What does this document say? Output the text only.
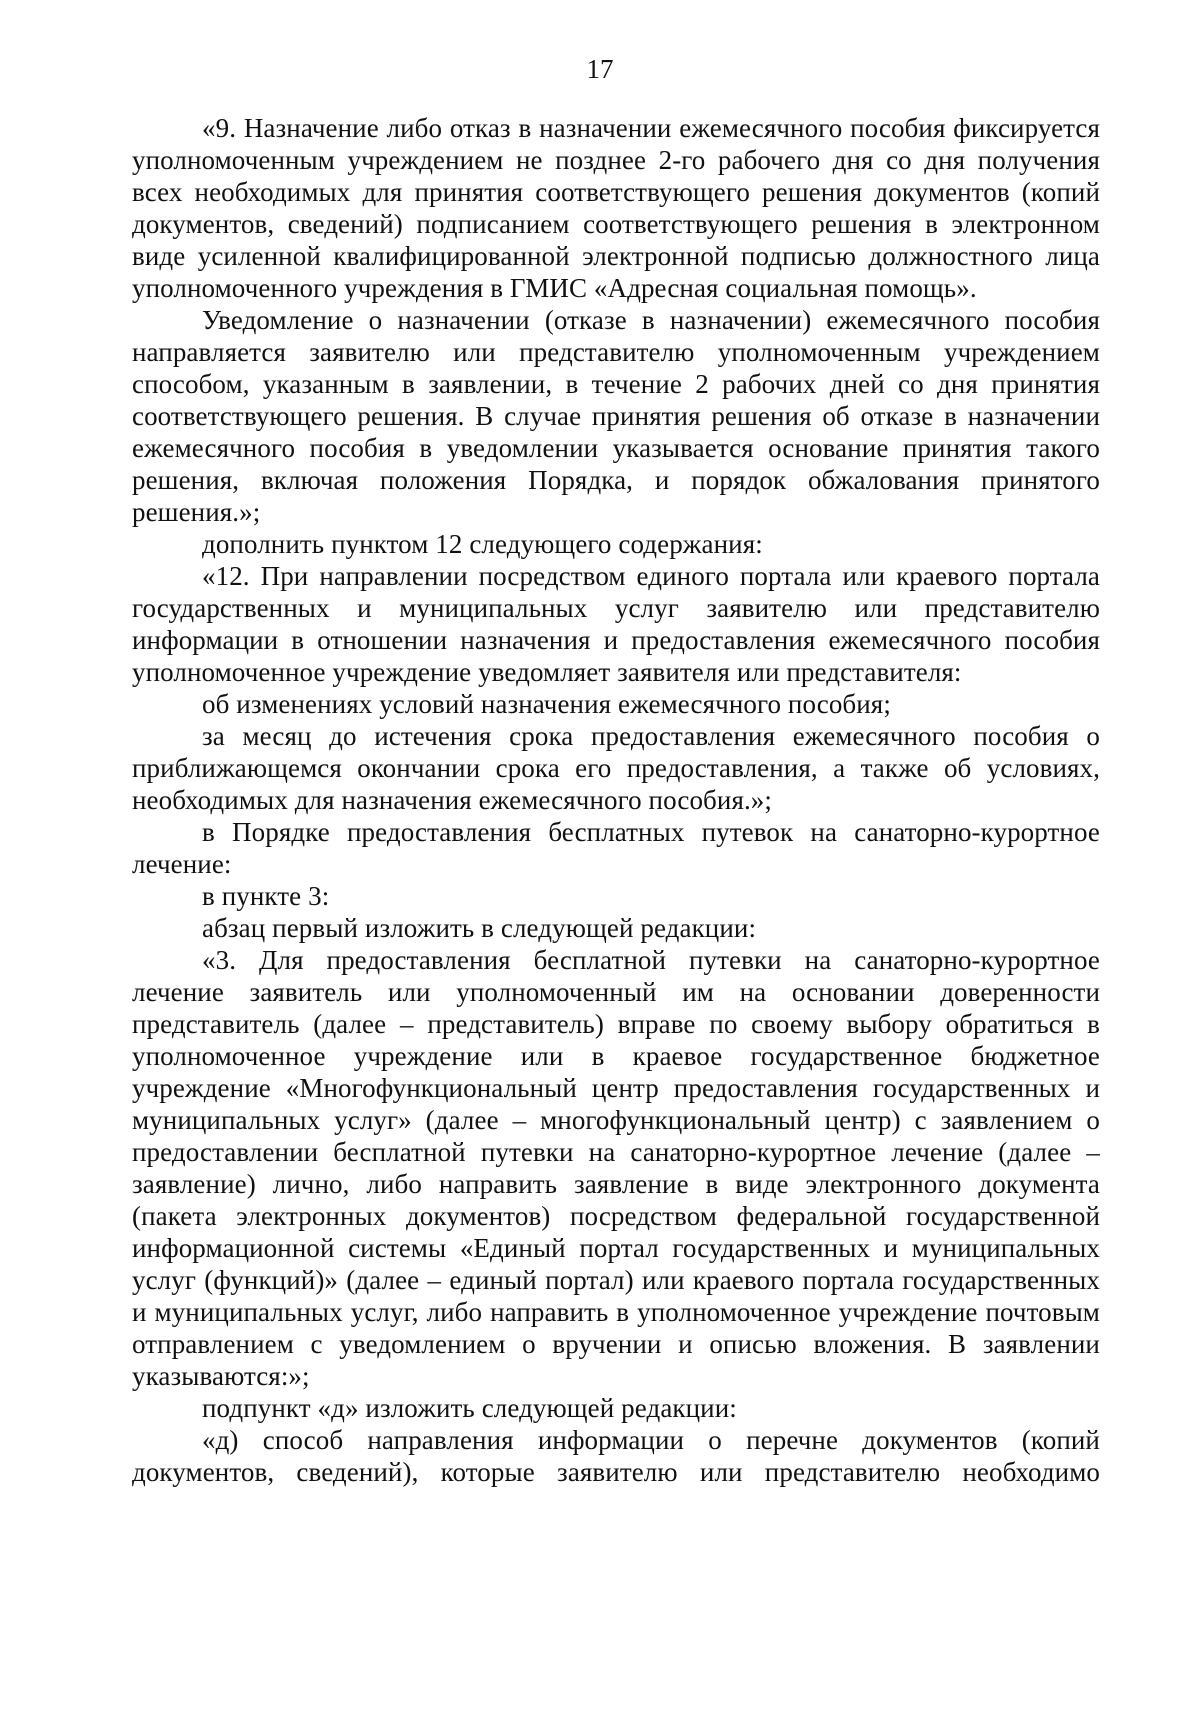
17

«9. Назначение либо отказ в назначении ежемесячного пособия фиксируется уполномоченным учреждением не позднее 2-го рабочего дня со дня получения всех необходимых для принятия соответствующего решения документов (копий документов, сведений) подписанием соответствующего решения в электронном виде усиленной квалифицированной электронной подписью должностного лица уполномоченного учреждения в ГМИС «Адресная социальная помощь».

Уведомление о назначении (отказе в назначении) ежемесячного пособия направляется заявителю или представителю уполномоченным учреждением способом, указанным в заявлении, в течение 2 рабочих дней со дня принятия соответствующего решения. В случае принятия решения об отказе в назначении ежемесячного пособия в уведомлении указывается основание принятия такого решения, включая положения Порядка, и порядок обжалования принятого решения.»;

дополнить пунктом 12 следующего содержания:

«12. При направлении посредством единого портала или краевого портала государственных и муниципальных услуг заявителю или представителю информации в отношении назначения и предоставления ежемесячного пособия уполномоченное учреждение уведомляет заявителя или представителя:

об изменениях условий назначения ежемесячного пособия;

за месяц до истечения срока предоставления ежемесячного пособия о приближающемся окончании срока его предоставления, а также об условиях, необходимых для назначения ежемесячного пособия.»;

в Порядке предоставления бесплатных путевок на санаторно-курортное лечение:

в пункте 3:

абзац первый изложить в следующей редакции:

«3. Для предоставления бесплатной путевки на санаторно-курортное лечение заявитель или уполномоченный им на основании доверенности представитель (далее – представитель) вправе по своему выбору обратиться в уполномоченное учреждение или в краевое государственное бюджетное учреждение «Многофункциональный центр предоставления государственных и муниципальных услуг» (далее – многофункциональный центр) с заявлением о предоставлении бесплатной путевки на санаторно-курортное лечение (далее – заявление) лично, либо направить заявление в виде электронного документа (пакета электронных документов) посредством федеральной государственной информационной системы «Единый портал государственных и муниципальных услуг (функций)» (далее – единый портал) или краевого портала государственных и муниципальных услуг, либо направить в уполномоченное учреждение почтовым отправлением с уведомлением о вручении и описью вложения. В заявлении указываются:»;

подпункт «д» изложить следующей редакции:

«д) способ направления информации о перечне документов (копий документов, сведений), которые заявителю или представителю необходимо
